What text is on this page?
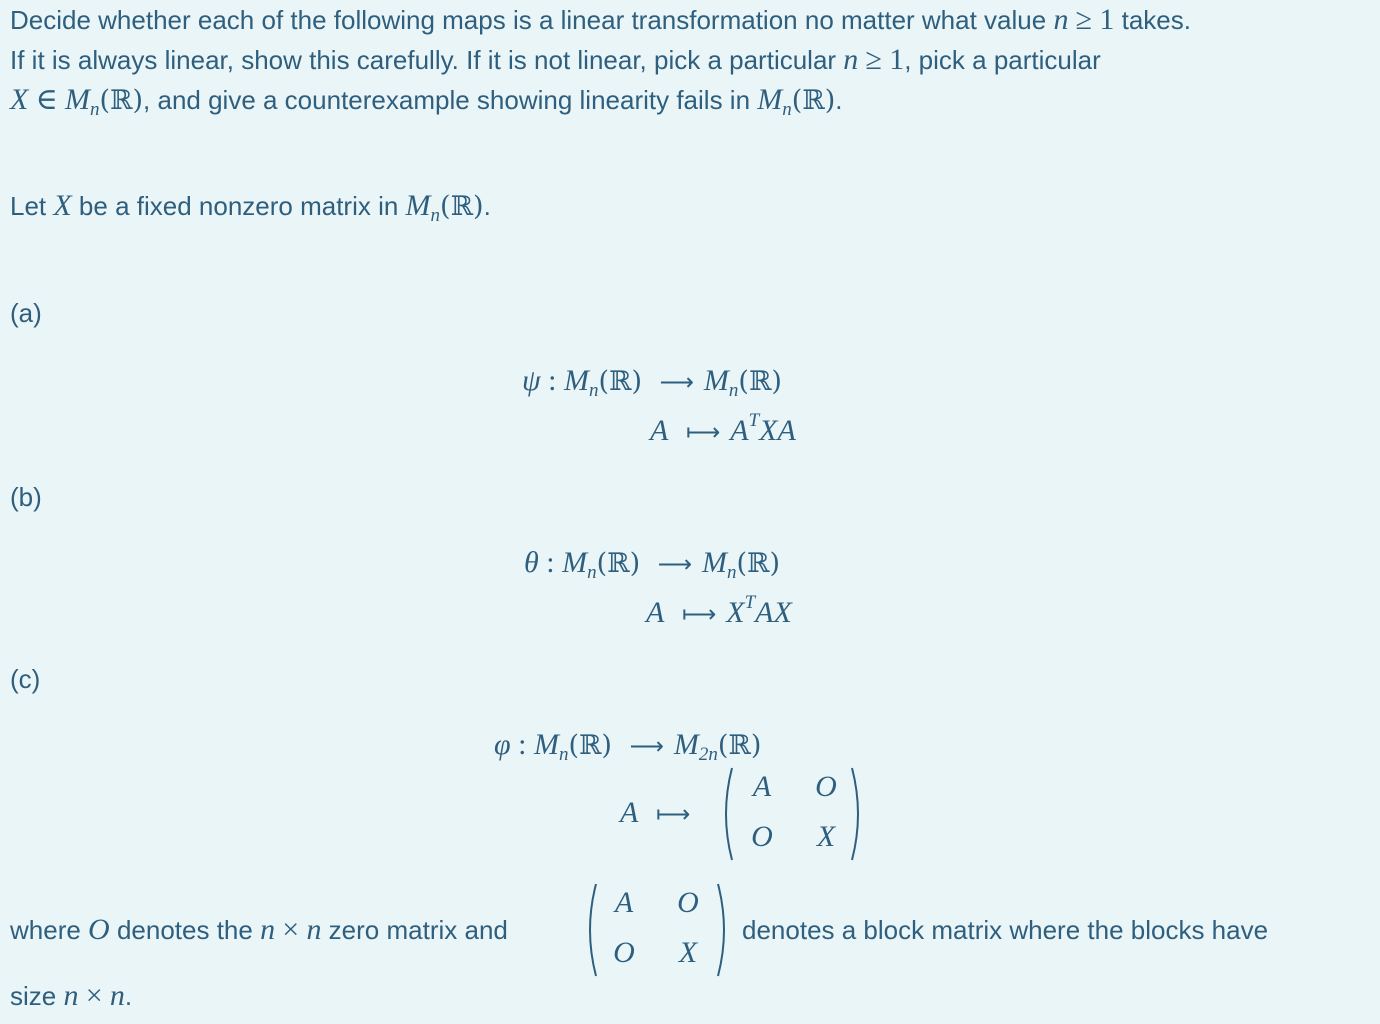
Decide whether each of the following maps is a linear transformation no matter what value n ≥ 1 takes.
If it is always linear, show this carefully. If it is not linear, pick a particular n ≥ 1, pick a particular
X ∈ $M_n(ℝ)$, and give a counterexample showing linearity fails in $M_n(ℝ)$.
Let X be a fixed nonzero matrix in $M_n(ℝ)$.
(a)
ψ : $M_n(ℝ)$ ⟶ $M_n(ℝ)$
A ⟼ $A^TXA$
(b)
θ : $M_n(ℝ)$ ⟶ $M_n(ℝ)$
A ⟼ $X^TAX$
(c)
φ : $M_n(ℝ)$ ⟶ $M_{2n}(ℝ)$
A ⟼
A	O
O	X
where O denotes the n × n zero matrix and
A	O
O	X
denotes a block matrix where the blocks have
size n × n.
